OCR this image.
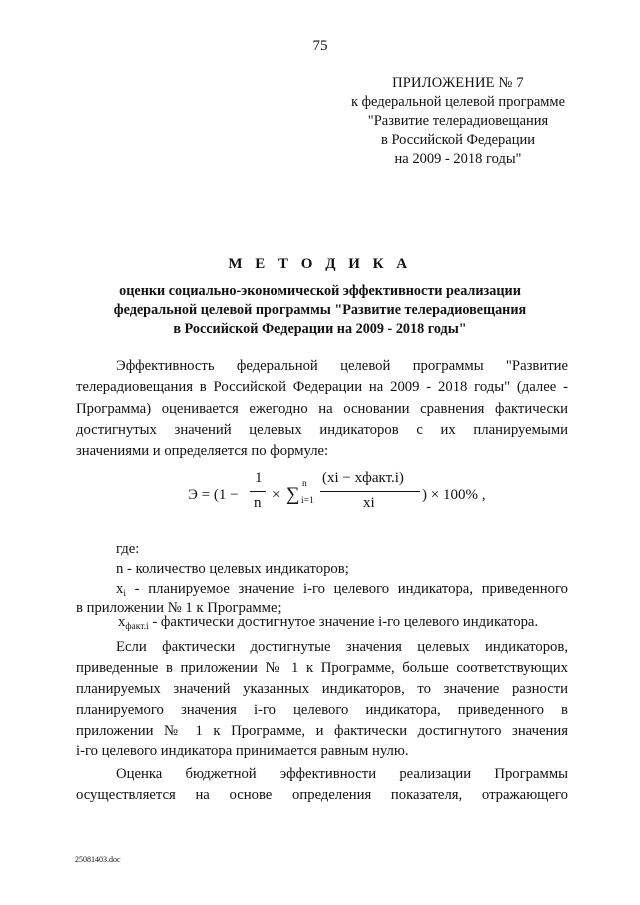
75
ПРИЛОЖЕНИЕ № 7
к федеральной целевой программе
"Развитие телерадиовещания
в Российской Федерации
на 2009 - 2018 годы"
М Е Т О Д И К А
оценки социально-экономической эффективности реализации
федеральной целевой программы "Развитие телерадиовещания
в Российской Федерации на 2009 - 2018 годы"
Эффективность федеральной целевой программы "Развитие
телерадиовещания в Российской Федерации на 2009 - 2018 годы" (далее -
Программа) оценивается ежегодно на основании сравнения фактически
достигнутых значений целевых индикаторов с их планируемыми
значениями и определяется по формуле:
Э = (1 −
1
n × ∑ n
i=1
(xi − xфакт.i)
xi	) × 100% ,
где:
n - количество целевых индикаторов;
$x_i$ - планируемое значение i-го целевого индикатора, приведенного
в приложении № 1 к Программе;
$x_{факт.i}$ - фактически достигнутое значение i-го целевого индикатора.
Если фактически достигнутые значения целевых индикаторов,
приведенные в приложении № 1 к Программе, больше соответствующих
планируемых значений указанных индикаторов, то значение разности
планируемого значения i-го целевого индикатора, приведенного в
приложении № 1 к Программе, и фактически достигнутого значения
i-го целевого индикатора принимается равным нулю.
Оценка бюджетной эффективности реализации Программы
осуществляется на основе определения показателя, отражающего
25081403.doc
